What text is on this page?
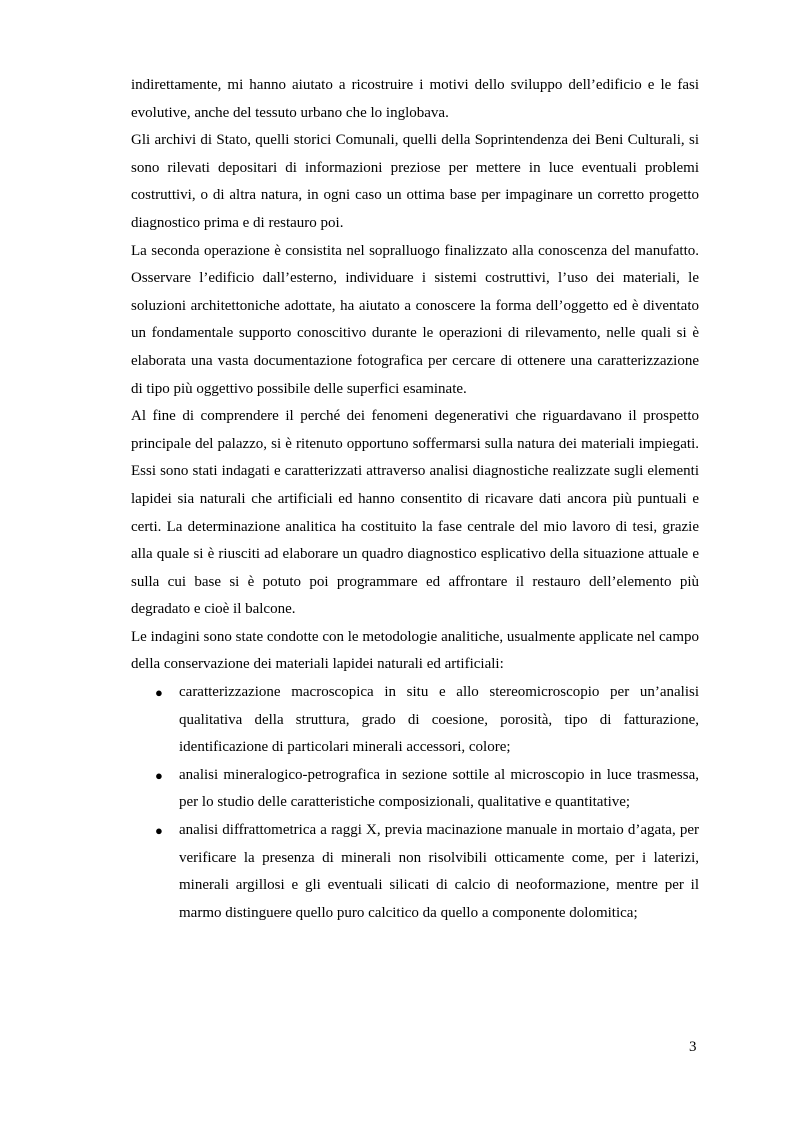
indirettamente, mi hanno aiutato a ricostruire i motivi dello sviluppo dell’edificio e le fasi evolutive, anche del tessuto urbano che lo inglobava.

Gli archivi di Stato, quelli storici Comunali, quelli della Soprintendenza dei Beni Culturali, si sono rilevati depositari di informazioni preziose per mettere in luce eventuali problemi costruttivi, o di altra natura, in ogni caso un ottima base per impaginare un corretto progetto diagnostico prima e di restauro poi.

La seconda operazione è consistita nel sopralluogo finalizzato alla conoscenza del manufatto. Osservare l’edificio dall’esterno, individuare i sistemi costruttivi, l’uso dei materiali, le soluzioni architettoniche adottate, ha aiutato a conoscere la forma dell’oggetto ed è diventato un fondamentale supporto conoscitivo durante le operazioni di rilevamento, nelle quali si è elaborata una vasta documentazione fotografica per cercare di ottenere una caratterizzazione di tipo più oggettivo possibile delle superfici esaminate.

Al fine di comprendere il perché dei fenomeni degenerativi che riguardavano il prospetto principale del palazzo, si è ritenuto opportuno soffermarsi sulla natura dei materiali impiegati. Essi sono stati indagati e caratterizzati attraverso analisi diagnostiche realizzate sugli elementi lapidei sia naturali che artificiali ed hanno consentito di ricavare dati ancora più puntuali e certi. La determinazione analitica ha costituito la fase centrale del mio lavoro di tesi, grazie alla quale si è riusciti ad elaborare un quadro diagnostico esplicativo della situazione attuale e sulla cui base si è potuto poi programmare ed affrontare il restauro dell’elemento più degradato e cioè il balcone.

Le indagini sono state condotte con le metodologie analitiche, usualmente applicate nel campo della conservazione dei materiali lapidei naturali ed artificiali:

● caratterizzazione macroscopica in situ e allo stereomicroscopio per un’analisi qualitativa della struttura, grado di coesione, porosità, tipo di fatturazione, identificazione di particolari minerali accessori, colore;
● analisi mineralogico-petrografica in sezione sottile al microscopio in luce trasmessa, per lo studio delle caratteristiche composizionali, qualitative e quantitative;
● analisi diffrattometrica a raggi X, previa macinazione manuale in mortaio d’agata, per verificare la presenza di minerali non risolvibili otticamente come, per i laterizi, minerali argillosi e gli eventuali silicati di calcio di neoformazione, mentre per il marmo distinguere quello puro calcitico da quello a componente dolomitica;
3
